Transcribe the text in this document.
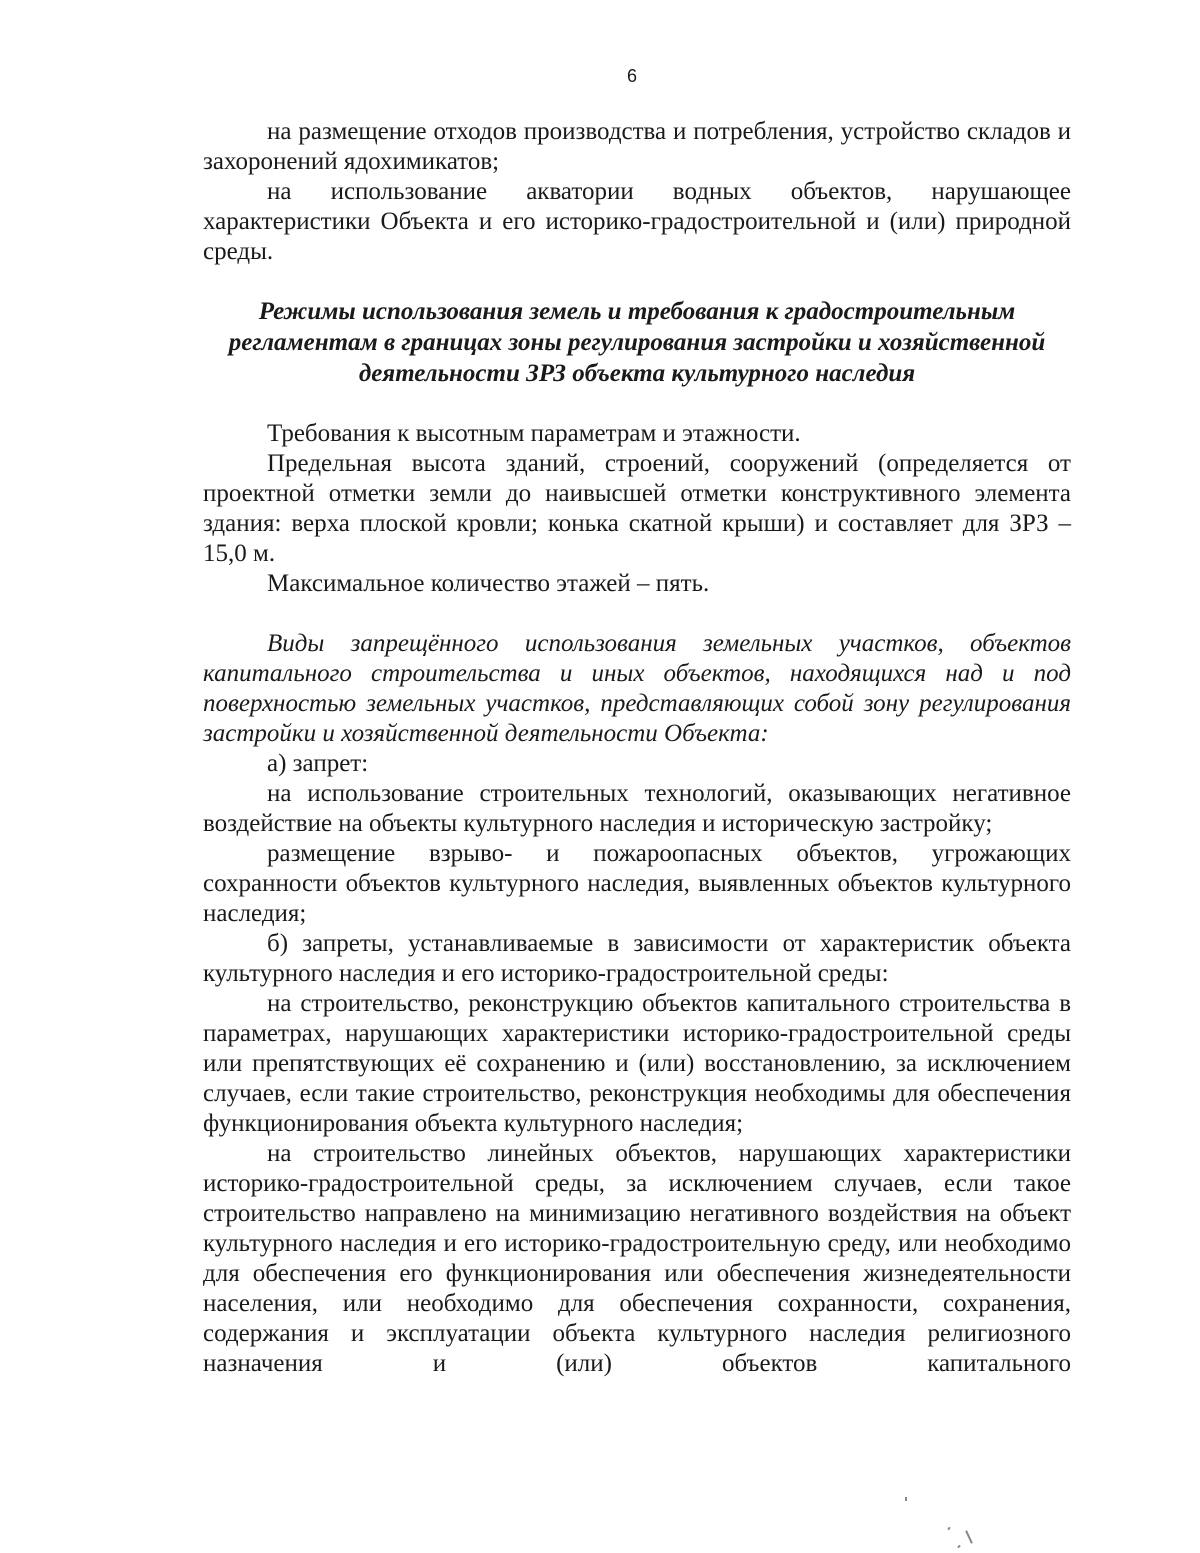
6

на размещение отходов производства и потребления, устройство складов и захоронений ядохимикатов;

на использование акватории водных объектов, нарушающее характеристики Объекта и его историко-градостроительной и (или) природной среды.

Режимы использования земель и требования к градостроительным регламентам в границах зоны регулирования застройки и хозяйственной деятельности ЗРЗ объекта культурного наследия

Требования к высотным параметрам и этажности.

Предельная высота зданий, строений, сооружений (определяется от проектной отметки земли до наивысшей отметки конструктивного элемента здания: верха плоской кровли; конька скатной крыши) и составляет для ЗРЗ – 15,0 м.

Максимальное количество этажей – пять.

Виды запрещённого использования земельных участков, объектов капитального строительства и иных объектов, находящихся над и под поверхностью земельных участков, представляющих собой зону регулирования застройки и хозяйственной деятельности Объекта:

а) запрет:

на использование строительных технологий, оказывающих негативное воздействие на объекты культурного наследия и историческую застройку;

размещение взрыво- и пожароопасных объектов, угрожающих сохранности объектов культурного наследия, выявленных объектов культурного наследия;

б) запреты, устанавливаемые в зависимости от характеристик объекта культурного наследия и его историко-градостроительной среды:

на строительство, реконструкцию объектов капитального строительства в параметрах, нарушающих характеристики историко-градостроительной среды или препятствующих её сохранению и (или) восстановлению, за исключением случаев, если такие строительство, реконструкция необходимы для обеспечения функционирования объекта культурного наследия;

на строительство линейных объектов, нарушающих характеристики историко-градостроительной среды, за исключением случаев, если такое строительство направлено на минимизацию негативного воздействия на объект культурного наследия и его историко-градостроительную среду, или необходимо для обеспечения его функционирования или обеспечения жизнедеятельности населения, или необходимо для обеспечения сохранности, сохранения, содержания и эксплуатации объекта культурного наследия религиозного назначения и (или) объектов капитального
